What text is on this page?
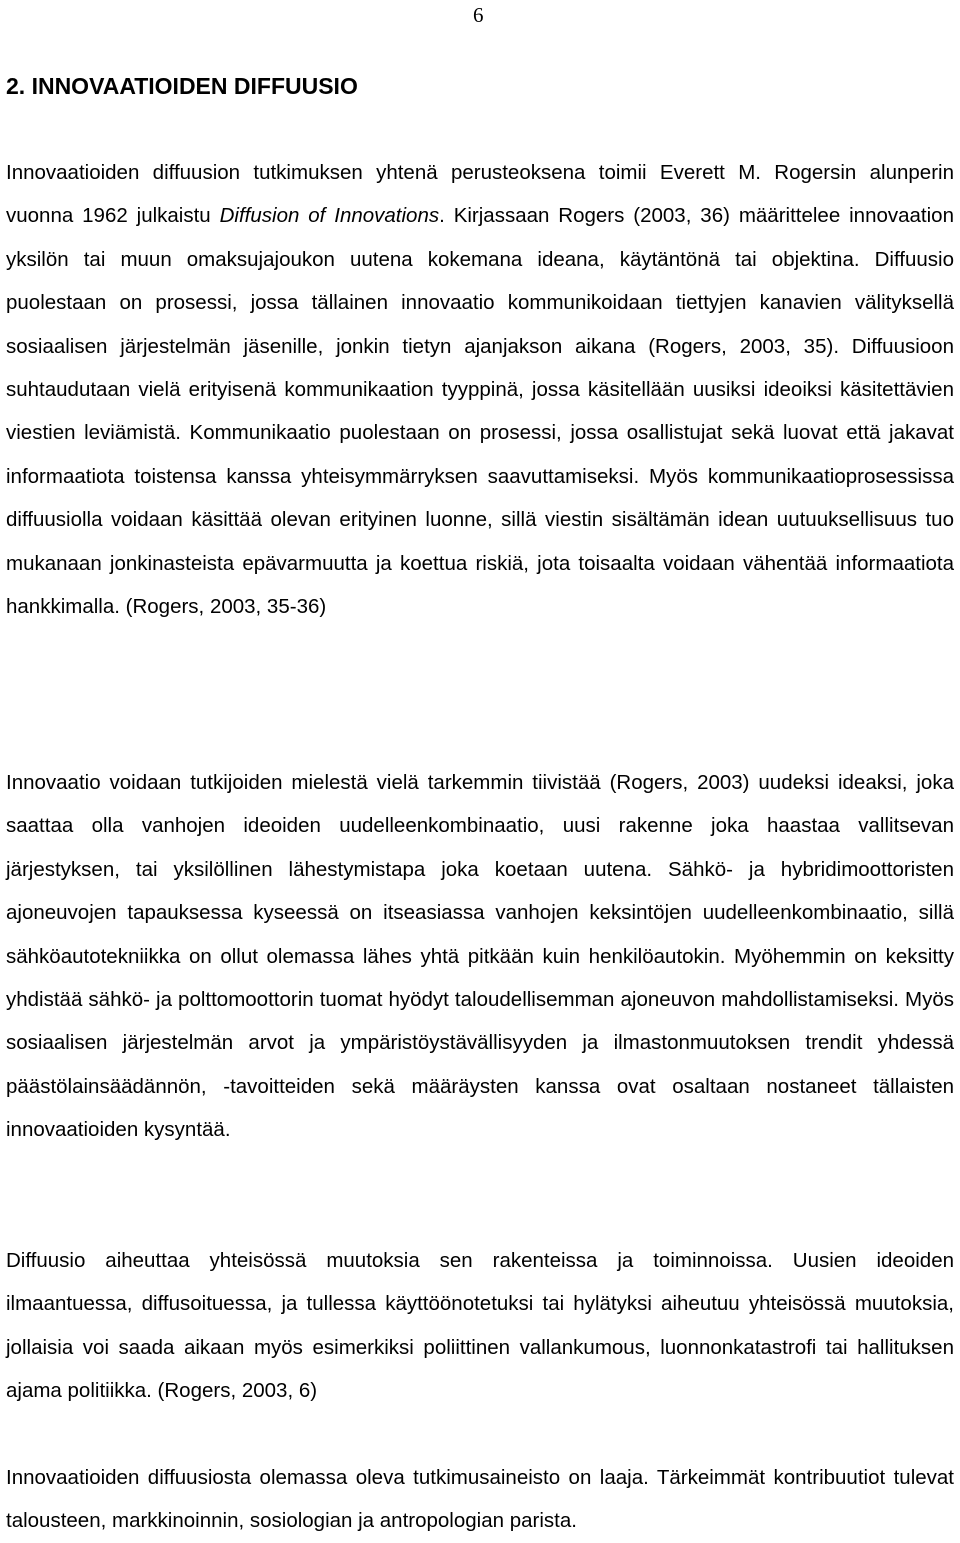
6
2. INNOVAATIOIDEN DIFFUUSIO

Innovaatioiden diffuusion tutkimuksen yhtenä perusteoksena toimii Everett M. Rogersin alunperin vuonna 1962 julkaistu Diffusion of Innovations. Kirjassaan Rogers (2003, 36) määrittelee innovaation yksilön tai muun omaksujajoukon uutena kokemana ideana, käytäntönä tai objektina. Diffuusio puolestaan on prosessi, jossa tällainen innovaatio kommunikoidaan tiettyjen kanavien välityksellä sosiaalisen järjestelmän jäsenille, jonkin tietyn ajanjakson aikana (Rogers, 2003, 35). Diffuusioon suhtaudutaan vielä erityisenä kommunikaation tyyppinä, jossa käsitellään uusiksi ideoiksi käsitettävien viestien leviämistä. Kommunikaatio puolestaan on prosessi, jossa osallistujat sekä luovat että jakavat informaatiota toistensa kanssa yhteisymmärryksen saavuttamiseksi. Myös kommunikaatioprosessissa diffuusiolla voidaan käsittää olevan erityinen luonne, sillä viestin sisältämän idean uutuuksellisuus tuo mukanaan jonkinasteista epävarmuutta ja koettua riskiä, jota toisaalta voidaan vähentää informaatiota hankkimalla. (Rogers, 2003, 35-36)

Innovaatio voidaan tutkijoiden mielestä vielä tarkemmin tiivistää (Rogers, 2003) uudeksi ideaksi, joka saattaa olla vanhojen ideoiden uudelleenkombinaatio, uusi rakenne joka haastaa vallitsevan järjestyksen, tai yksilöllinen lähestymistapa joka koetaan uutena. Sähkö- ja hybridimoottoristen ajoneuvojen tapauksessa kyseessä on itseasiassa vanhojen keksintöjen uudelleenkombinaatio, sillä sähköautotekniikka on ollut olemassa lähes yhtä pitkään kuin henkilöautokin. Myöhemmin on keksitty yhdistää sähkö- ja polttomoottorin tuomat hyödyt taloudellisemman ajoneuvon mahdollistamiseksi. Myös sosiaalisen järjestelmän arvot ja ympäristöystävällisyyden ja ilmastonmuutoksen trendit yhdessä päästölainsäädännön, -tavoitteiden sekä määräysten kanssa ovat osaltaan nostaneet tällaisten innovaatioiden kysyntää.

Diffuusio aiheuttaa yhteisössä muutoksia sen rakenteissa ja toiminnoissa. Uusien ideoiden ilmaantuessa, diffusoituessa, ja tullessa käyttöönotetuksi tai hylätyksi aiheutuu yhteisössä muutoksia, jollaisia voi saada aikaan myös esimerkiksi poliittinen vallankumous, luonnonkatastrofi tai hallituksen ajama politiikka. (Rogers, 2003, 6)

Innovaatioiden diffuusiosta olemassa oleva tutkimusaineisto on laaja. Tärkeimmät kontribuutiot tulevat talousteen, markkinoinnin, sosiologian ja antropologian parista.
